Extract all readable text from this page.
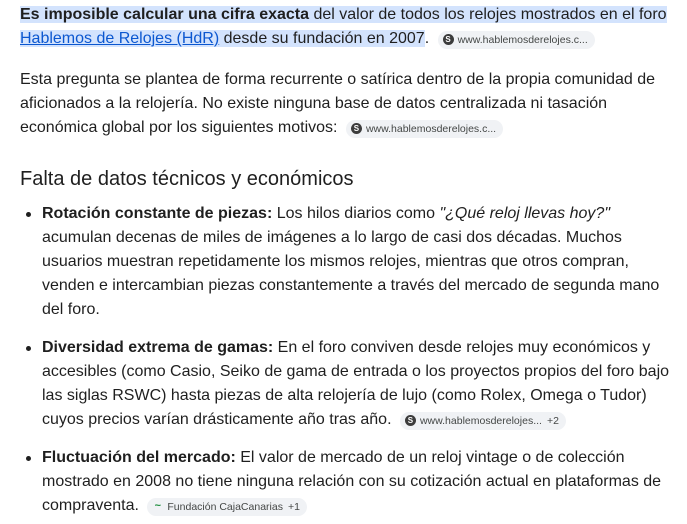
Es imposible calcular una cifra exacta del valor de todos los relojes mostrados en el foro Hablemos de Relojes (HdR) desde su fundación en 2007.	S www.hablemosderelojes.c...

Esta pregunta se plantea de forma recurrente o satírica dentro de la propia comunidad de aficionados a la relojería. No existe ninguna base de datos centralizada ni tasación económica global por los siguientes motivos:	S www.hablemosderelojes.c...

Falta de datos técnicos y económicos
Rotación constante de piezas: Los hilos diarios como "¿Qué reloj llevas hoy?" acumulan decenas de miles de imágenes a lo largo de casi dos décadas. Muchos usuarios muestran repetidamente los mismos relojes, mientras que otros compran, venden e intercambian piezas constantemente a través del mercado de segunda mano del foro.
Diversidad extrema de gamas: En el foro conviven desde relojes muy económicos y accesibles (como Casio, Seiko de gama de entrada o los proyectos propios del foro bajo las siglas RSWC) hasta piezas de alta relojería de lujo (como Rolex, Omega o Tudor) cuyos precios varían drásticamente año tras año.	S www.hablemosderelojes... +2
Fluctuación del mercado: El valor de mercado de un reloj vintage o de colección mostrado en 2008 no tiene ninguna relación con su cotización actual en plataformas de compraventa. ~ Fundación CajaCanarias +1
